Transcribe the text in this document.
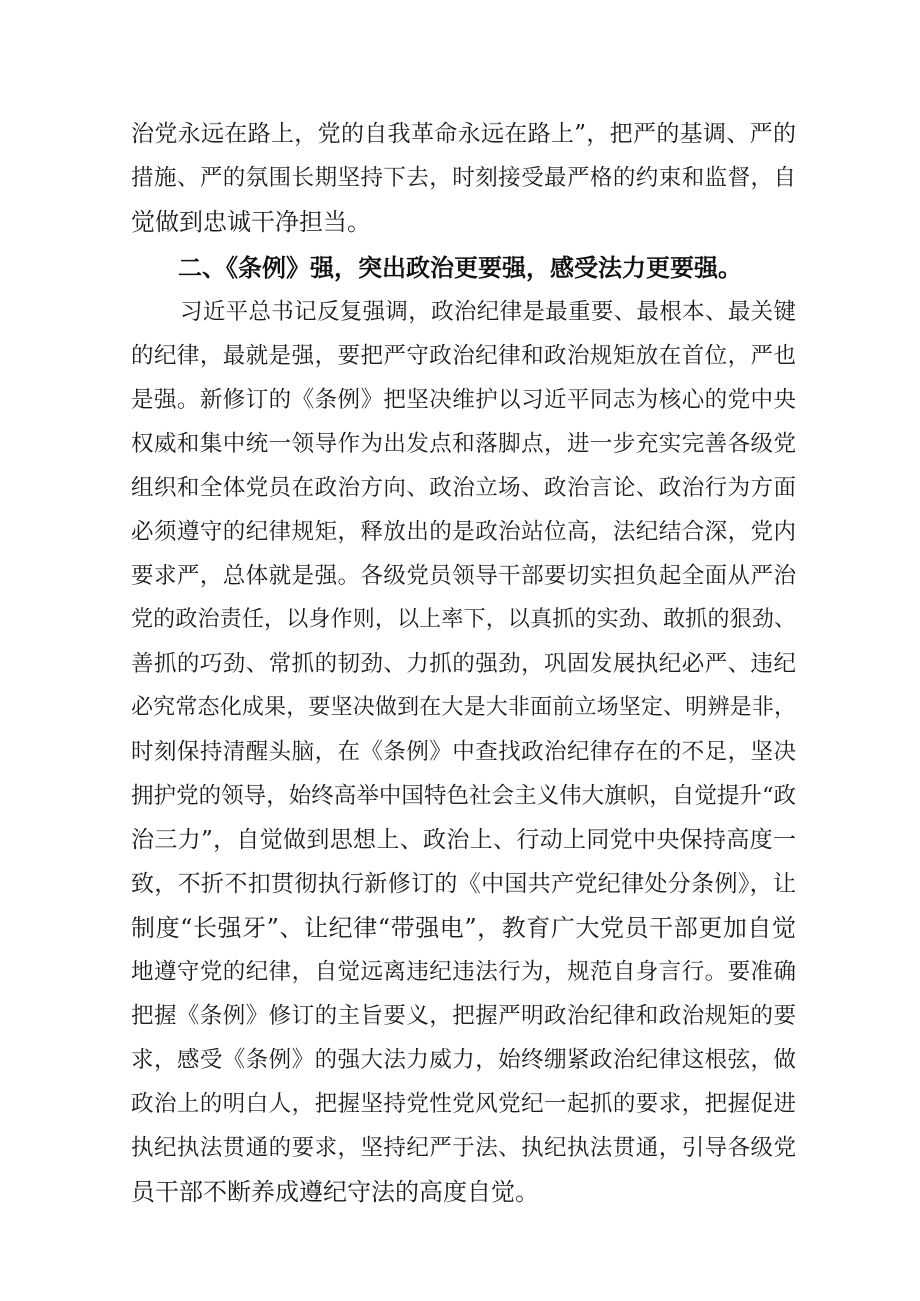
治党永远在路上，党的自我革命永远在路上”，把严的基调、严的
措施、严的氛围长期坚持下去，时刻接受最严格的约束和监督，自
觉做到忠诚干净担当。
二、《条例》强，突出政治更要强，感受法力更要强。
习近平总书记反复强调，政治纪律是最重要、最根本、最关键
的纪律，最就是强，要把严守政治纪律和政治规矩放在首位，严也
是强。新修订的《条例》把坚决维护以习近平同志为核心的党中央
权威和集中统一领导作为出发点和落脚点，进一步充实完善各级党
组织和全体党员在政治方向、政治立场、政治言论、政治行为方面
必须遵守的纪律规矩，释放出的是政治站位高，法纪结合深，党内
要求严，总体就是强。各级党员领导干部要切实担负起全面从严治
党的政治责任，以身作则，以上率下，以真抓的实劲、敢抓的狠劲、
善抓的巧劲、常抓的韧劲、力抓的强劲，巩固发展执纪必严、违纪
必究常态化成果，要坚决做到在大是大非面前立场坚定、明辨是非，
时刻保持清醒头脑，在《条例》中查找政治纪律存在的不足，坚决
拥护党的领导，始终高举中国特色社会主义伟大旗帜，自觉提升“政
治三力”，自觉做到思想上、政治上、行动上同党中央保持高度一
致，不折不扣贯彻执行新修订的《中国共产党纪律处分条例》，让
制度“长强牙”、让纪律“带强电”，教育广大党员干部更加自觉
地遵守党的纪律，自觉远离违纪违法行为，规范自身言行。要准确
把握《条例》修订的主旨要义，把握严明政治纪律和政治规矩的要
求，感受《条例》的强大法力威力，始终绷紧政治纪律这根弦，做
政治上的明白人，把握坚持党性党风党纪一起抓的要求，把握促进
执纪执法贯通的要求，坚持纪严于法、执纪执法贯通，引导各级党
员干部不断养成遵纪守法的高度自觉。
